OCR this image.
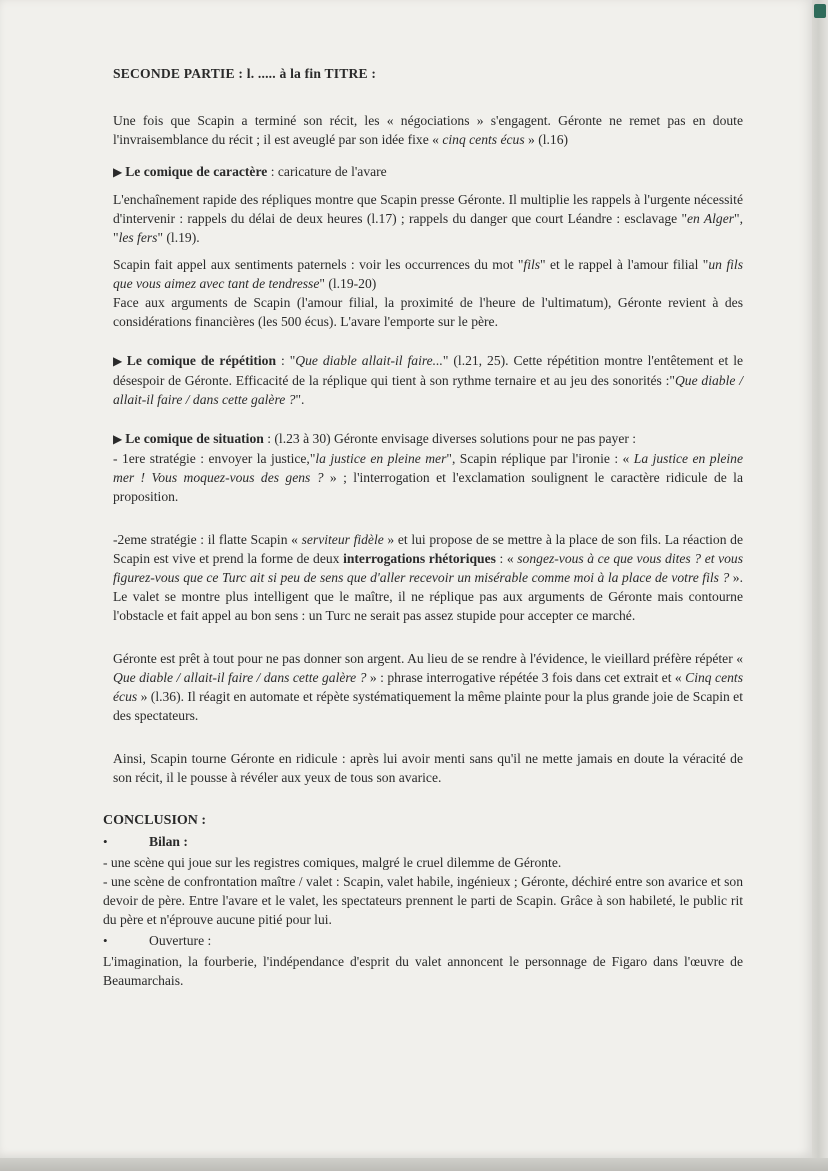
SECONDE PARTIE : l. ..... à la fin TITRE :

Une fois que Scapin a terminé son récit, les « négociations » s'engagent. Géronte ne remet pas en doute l'invraisemblance du récit ; il est aveuglé par son idée fixe « cinq cents écus » (l.16)

▶ Le comique de caractère : caricature de l'avare

L'enchaînement rapide des répliques montre que Scapin presse Géronte. Il multiplie les rappels à l'urgente nécessité d'intervenir : rappels du délai de deux heures (l.17) ; rappels du danger que court Léandre : esclavage "en Alger", "les fers" (l.19).

Scapin fait appel aux sentiments paternels : voir les occurrences du mot "fils" et le rappel à l'amour filial "un fils que vous aimez avec tant de tendresse" (l.19-20)

Face aux arguments de Scapin (l'amour filial, la proximité de l'heure de l'ultimatum), Géronte revient à des considérations financières (les 500 écus). L'avare l'emporte sur le père.

▶ Le comique de répétition : "Que diable allait-il faire..." (l.21, 25). Cette répétition montre l'entêtement et le désespoir de Géronte. Efficacité de la réplique qui tient à son rythme ternaire et au jeu des sonorités :"Que diable / allait-il faire / dans cette galère ?".

▶ Le comique de situation : (l.23 à 30) Géronte envisage diverses solutions pour ne pas payer :

- 1ere stratégie : envoyer la justice,"la justice en pleine mer", Scapin réplique par l'ironie : « La justice en pleine mer ! Vous moquez-vous des gens ? » ; l'interrogation et l'exclamation soulignent le caractère ridicule de la proposition.

-2eme stratégie : il flatte Scapin « serviteur fidèle » et lui propose de se mettre à la place de son fils. La réaction de Scapin est vive et prend la forme de deux interrogations rhétoriques : « songez-vous à ce que vous dites ? et vous figurez-vous que ce Turc ait si peu de sens que d'aller recevoir un misérable comme moi à la place de votre fils ? ». Le valet se montre plus intelligent que le maître, il ne réplique pas aux arguments de Géronte mais contourne l'obstacle et fait appel au bon sens : un Turc ne serait pas assez stupide pour accepter ce marché.

Géronte est prêt à tout pour ne pas donner son argent. Au lieu de se rendre à l'évidence, le vieillard préfère répéter « Que diable / allait-il faire / dans cette galère ? » : phrase interrogative répétée 3 fois dans cet extrait et « Cinq cents écus » (l.36). Il réagit en automate et répète systématiquement la même plainte pour la plus grande joie de Scapin et des spectateurs.

Ainsi, Scapin tourne Géronte en ridicule : après lui avoir menti sans qu'il ne mette jamais en doute la véracité de son récit, il le pousse à révéler aux yeux de tous son avarice.

CONCLUSION :
•	Bilan :

- une scène qui joue sur les registres comiques, malgré le cruel dilemme de Géronte.

- une scène de confrontation maître / valet : Scapin, valet habile, ingénieux ; Géronte, déchiré entre son avarice et son devoir de père. Entre l'avare et le valet, les spectateurs prennent le parti de Scapin. Grâce à son habileté, le public rit du père et n'éprouve aucune pitié pour lui.

•	Ouverture :

L'imagination, la fourberie, l'indépendance d'esprit du valet annoncent le personnage de Figaro dans l'œuvre de Beaumarchais.
